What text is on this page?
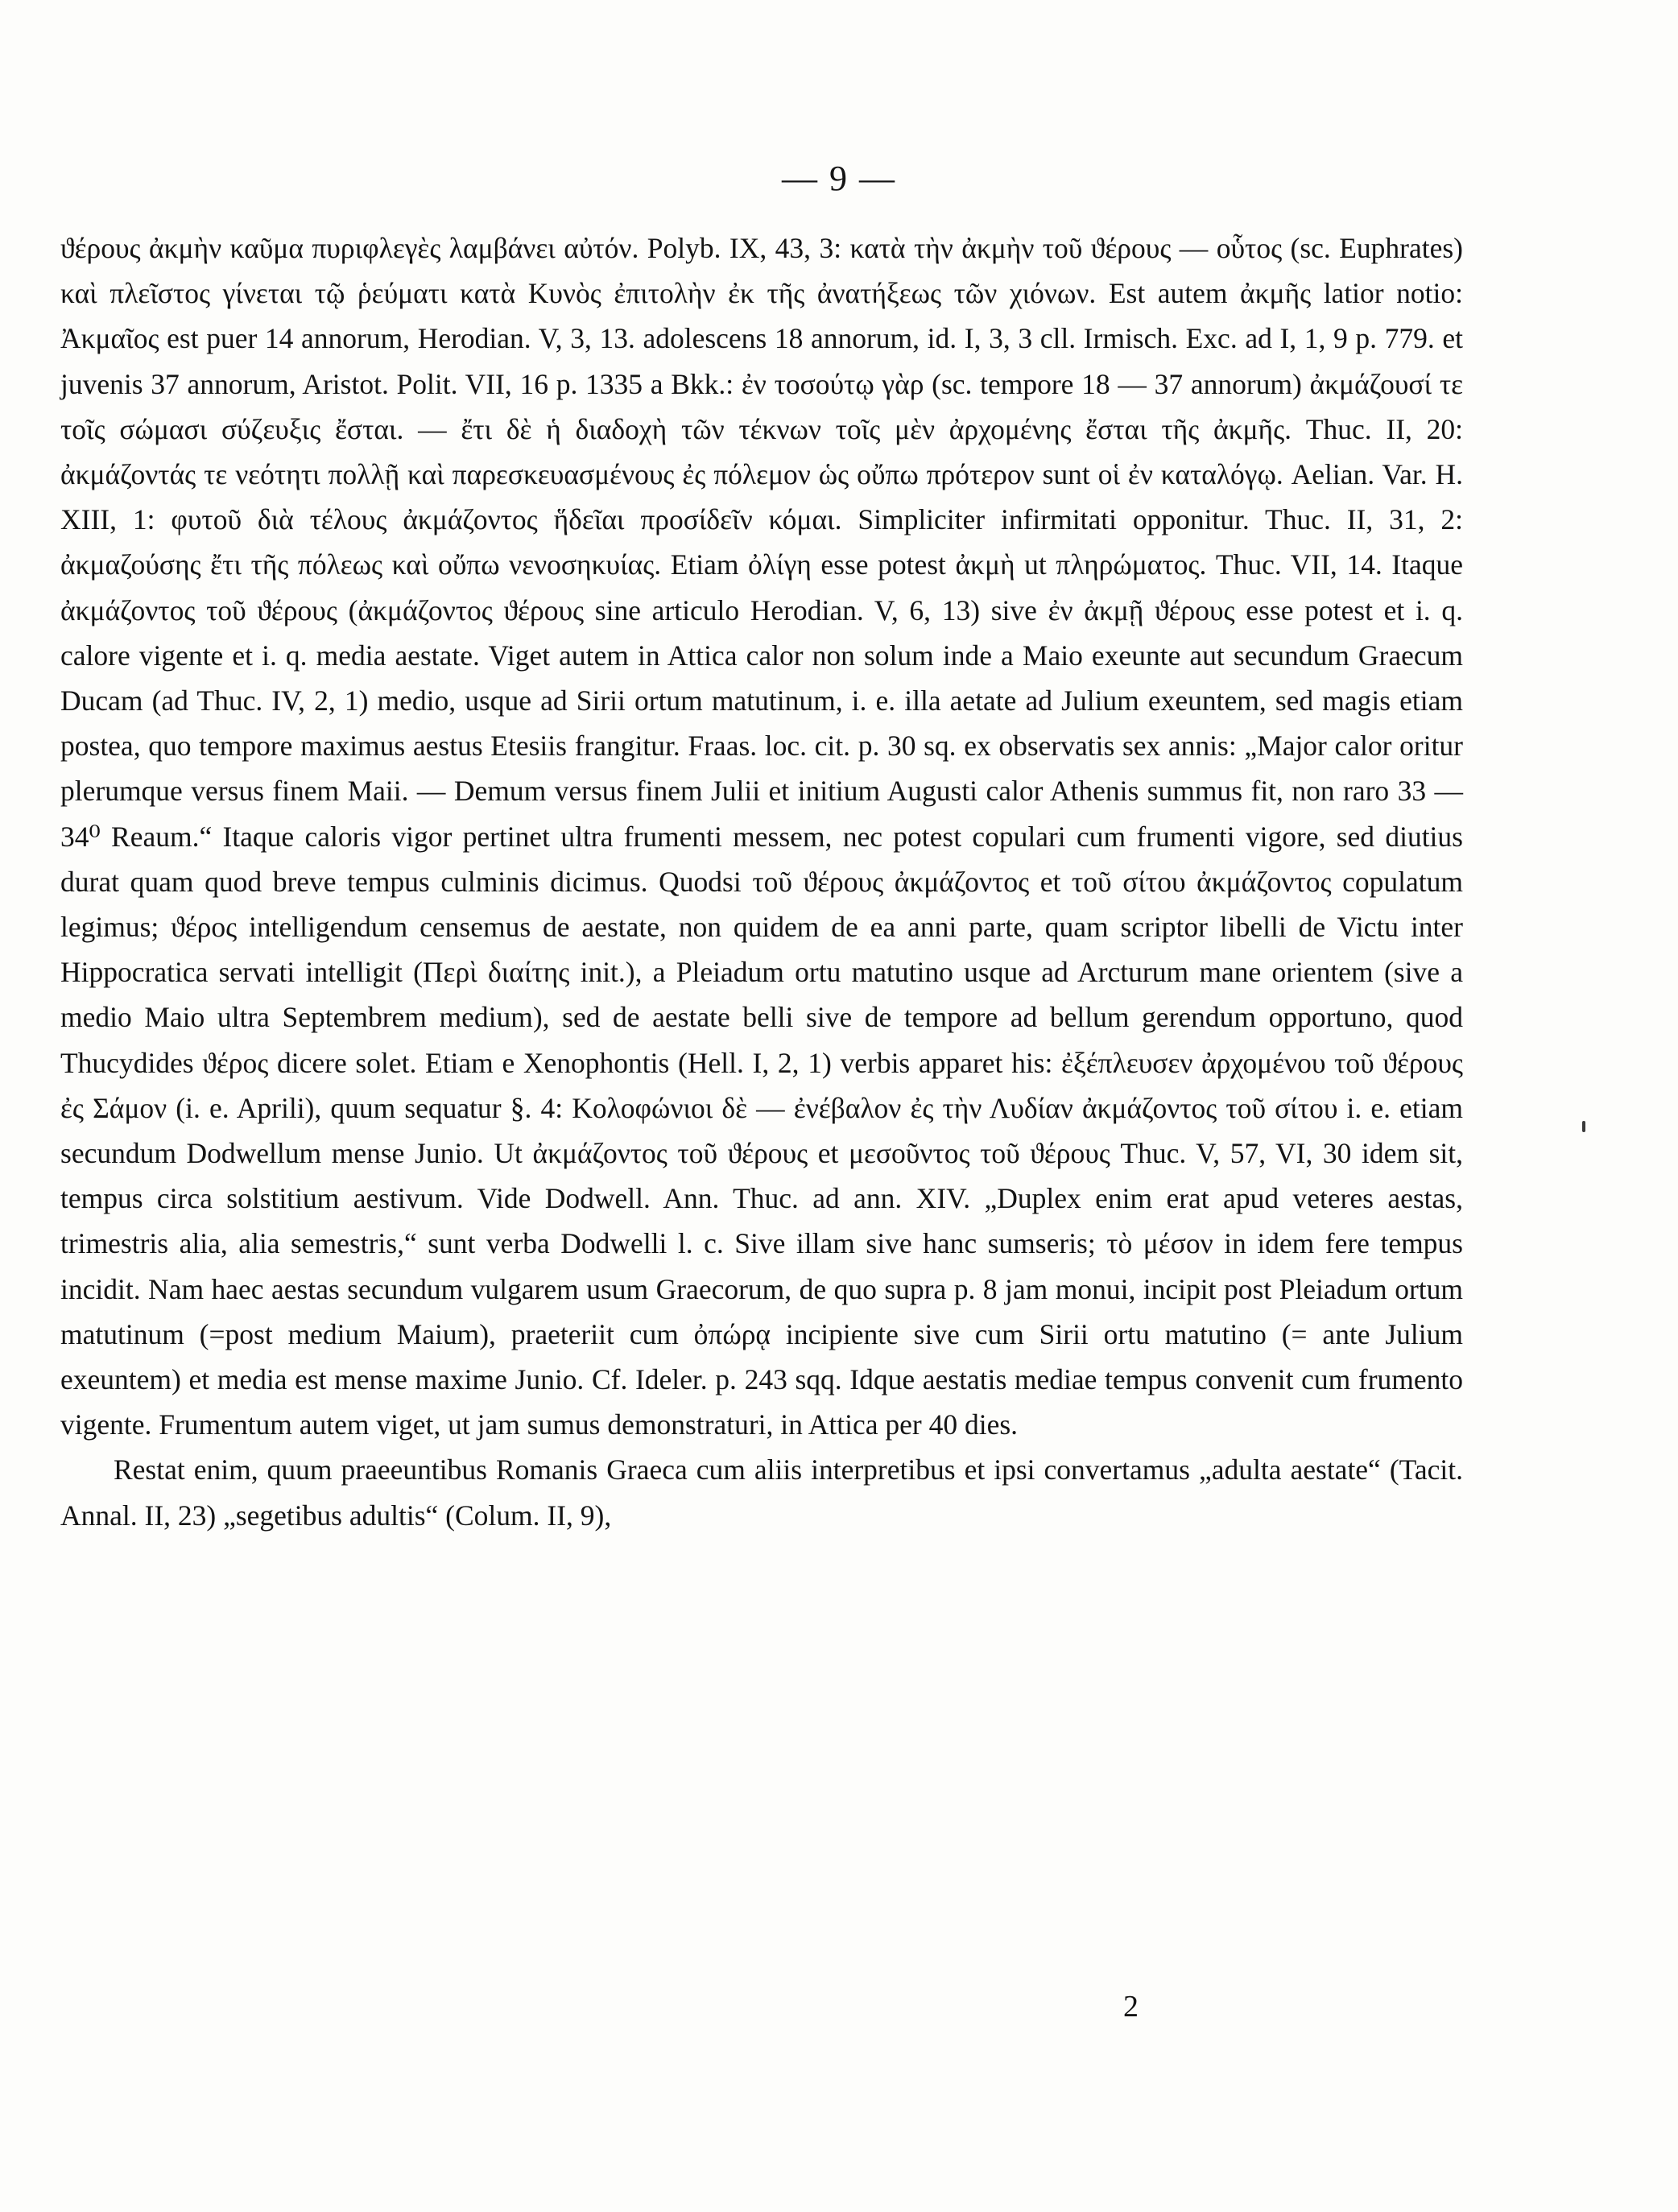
— 9 —

ϑέρους ἀκμὴν καῦμα πυριφλεγὲς λαμβάνει αὐτόν. Polyb. IX, 43, 3: κατὰ τὴν ἀκμὴν τοῦ ϑέρους — οὗτος (sc. Euphrates) καὶ πλεῖστος γίνεται τῷ ῥεύματι κατὰ Κυνὸς ἐπιτολὴν ἐκ τῆς ἀνατήξεως τῶν χιόνων. Est autem ἀκμῆς latior notio: Ἀκμαῖος est puer 14 annorum, Herodian. V, 3, 13. adolescens 18 annorum, id. I, 3, 3 cll. Irmisch. Exc. ad I, 1, 9 p. 779. et juvenis 37 annorum, Aristot. Polit. VII, 16 p. 1335 a Bkk.: ἐν τοσούτῳ γὰρ (sc. tempore 18 — 37 annorum) ἀκμάζουσί τε τοῖς σώμασι σύζευξις ἔσται. — ἔτι δὲ ἡ διαδοχὴ τῶν τέκνων τοῖς μὲν ἀρχομένης ἔσται τῆς ἀκμῆς. Thuc. II, 20: ἀκμάζοντάς τε νεότητι πολλῇ καὶ παρεσκευασμένους ἐς πόλεμον ὡς οὔπω πρότερον sunt οἱ ἐν καταλόγῳ. Aelian. Var. H. XIII, 1: φυτοῦ διὰ τέλους ἀκμάζοντος ἥδεῖαι προσίδεῖν κόμαι. Simpliciter infirmitati opponitur. Thuc. II, 31, 2: ἀκμαζούσης ἔτι τῆς πόλεως καὶ οὔπω νενοσηκυίας. Etiam ὀλίγη esse potest ἀκμὴ ut πληρώματος. Thuc. VII, 14. Itaque ἀκμάζοντος τοῦ ϑέρους (ἀκμάζοντος ϑέρους sine articulo Herodian. V, 6, 13) sive ἐν ἀκμῇ ϑέρους esse potest et i. q. calore vigente et i. q. media aestate. Viget autem in Attica calor non solum inde a Maio exeunte aut secundum Graecum Ducam (ad Thuc. IV, 2, 1) medio, usque ad Sirii ortum matutinum, i. e. illa aetate ad Julium exeuntem, sed magis etiam postea, quo tempore maximus aestus Etesiis frangitur. Fraas. loc. cit. p. 30 sq. ex observatis sex annis: „Major calor oritur plerumque versus finem Maii. — Demum versus finem Julii et initium Augusti calor Athenis summus fit, non raro 33 — 34⁰ Reaum.“ Itaque caloris vigor pertinet ultra frumenti messem, nec potest copulari cum frumenti vigore, sed diutius durat quam quod breve tempus culminis dicimus. Quodsi τοῦ ϑέρους ἀκμάζοντος et τοῦ σίτου ἀκμάζοντος copulatum legimus; ϑέρος intelligendum censemus de aestate, non quidem de ea anni parte, quam scriptor libelli de Victu inter Hippocratica servati intelligit (Περὶ διαίτης init.), a Pleiadum ortu matutino usque ad Arcturum mane orientem (sive a medio Maio ultra Septembrem medium), sed de aestate belli sive de tempore ad bellum gerendum opportuno, quod Thucydides ϑέρος dicere solet. Etiam e Xenophontis (Hell. I, 2, 1) verbis apparet his: ἐξέπλευσεν ἀρχομένου τοῦ ϑέρους ἐς Σάμον (i. e. Aprili), quum sequatur §. 4: Κολοφώνιοι δὲ — ἐνέβαλον ἐς τὴν Λυδίαν ἀκμάζοντος τοῦ σίτου i. e. etiam secundum Dodwellum mense Junio. Ut ἀκμάζοντος τοῦ ϑέρους et μεσοῦντος τοῦ ϑέρους Thuc. V, 57, VI, 30 idem sit, tempus circa solstitium aestivum. Vide Dodwell. Ann. Thuc. ad ann. XIV. „Duplex enim erat apud veteres aestas, trimestris alia, alia semestris,“ sunt verba Dodwelli l. c. Sive illam sive hanc sumseris; τὸ μέσον in idem fere tempus incidit. Nam haec aestas secundum vulgarem usum Graecorum, de quo supra p. 8 jam monui, incipit post Pleiadum ortum matutinum (=post medium Maium), praeteriit cum ὀπώρᾳ incipiente sive cum Sirii ortu matutino (= ante Julium exeuntem) et media est mense maxime Junio. Cf. Ideler. p. 243 sqq. Idque aestatis mediae tempus convenit cum frumento vigente. Frumentum autem viget, ut jam sumus demonstraturi, in Attica per 40 dies.

Restat enim, quum praeeuntibus Romanis Graeca cum aliis interpretibus et ipsi convertamus „adulta aestate“ (Tacit. Annal. II, 23) „segetibus adultis“ (Colum. II, 9),

2
